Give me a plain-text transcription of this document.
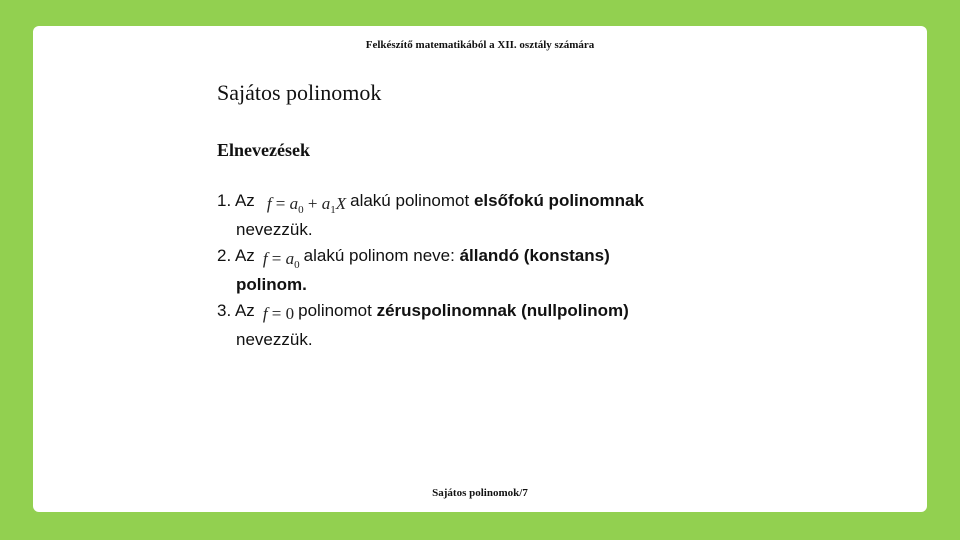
Felkészítő matematikából a XII. osztály számára
Sajátos polinomok
Elnevezések
1. Az $f = a_0 + a_1X$ alakú polinomot elsőfokú polinomnak
nevezzük.
2. Az $f = a_0$ alakú polinom neve: állandó (konstans)
polinom.
3. Az f = 0 polinomot zéruspolinomnak (nullpolinom)
nevezzük.
Sajátos polinomok/7
